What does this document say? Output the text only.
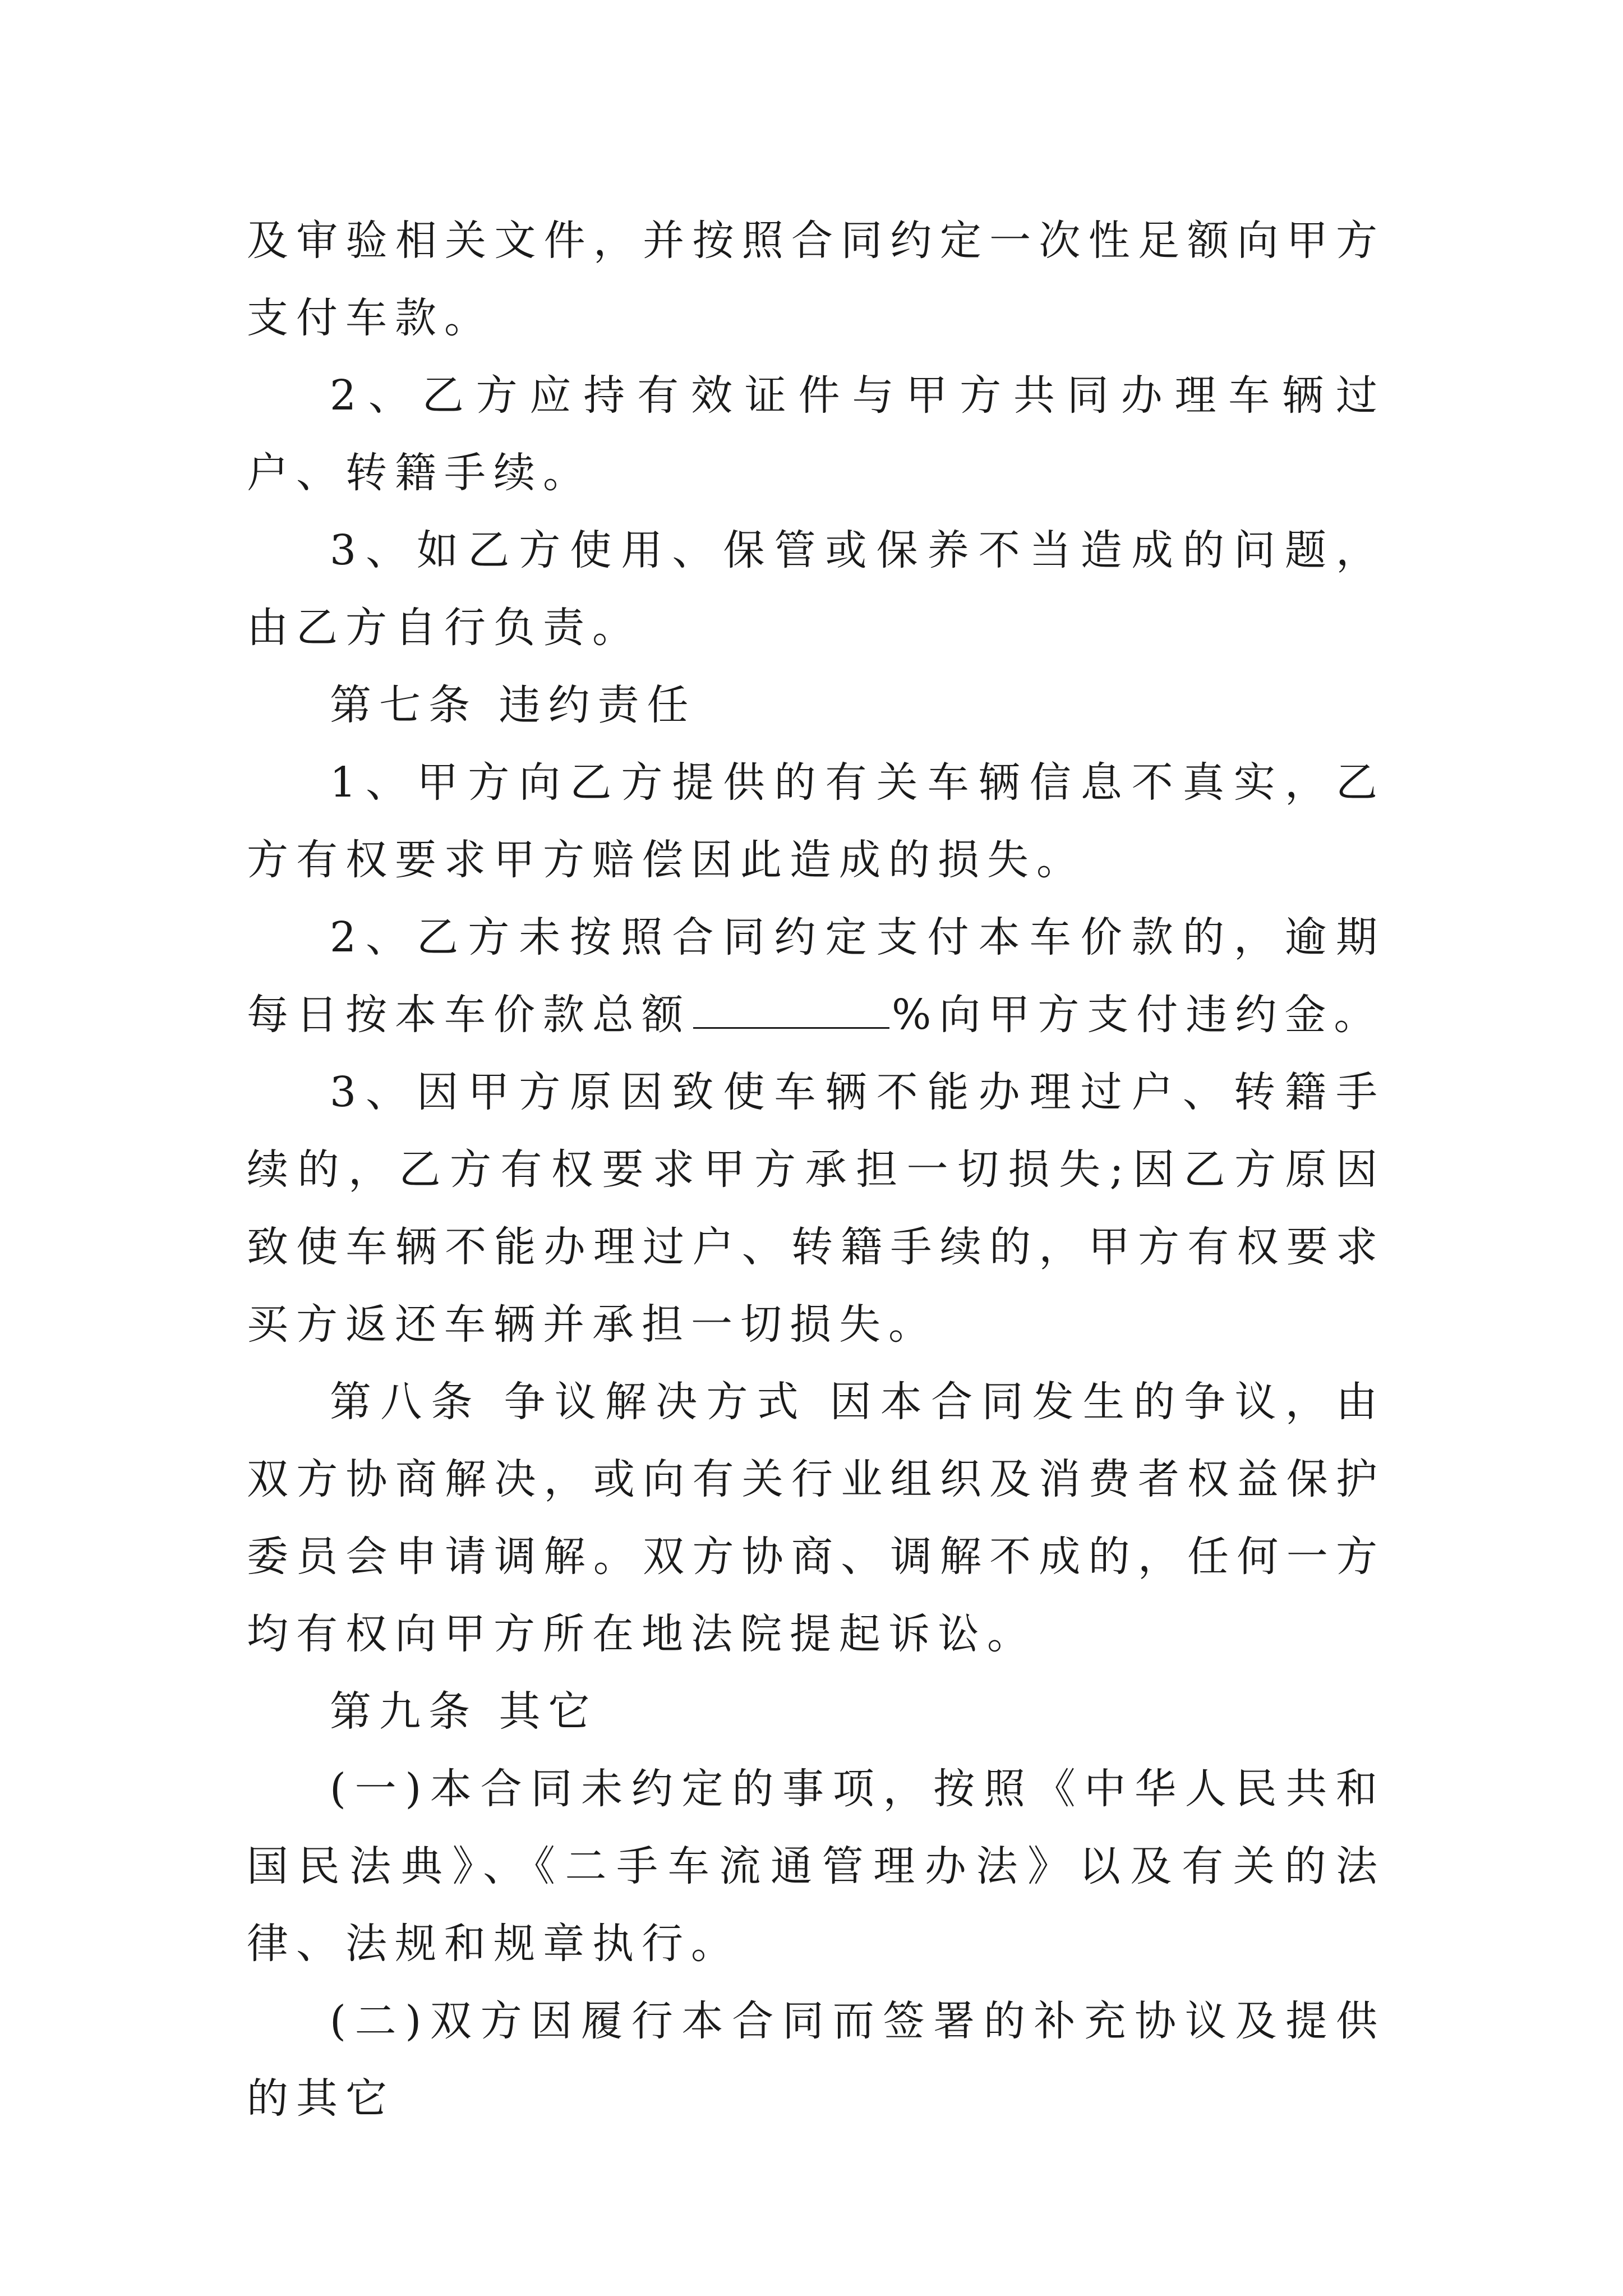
及审验相关文件，并按照合同约定一次性足额向甲方支付车款。

2、乙方应持有效证件与甲方共同办理车辆过户、转籍手续。

3、如乙方使用、保管或保养不当造成的问题，由乙方自行负责。

第七条 违约责任

1、甲方向乙方提供的有关车辆信息不真实，乙方有权要求甲方赔偿因此造成的损失。

2、乙方未按照合同约定支付本车价款的，逾期每日按本车价款总额	%向甲方支付违约金。

3、因甲方原因致使车辆不能办理过户、转籍手续的，乙方有权要求甲方承担一切损失;因乙方原因致使车辆不能办理过户、转籍手续的，甲方有权要求买方返还车辆并承担一切损失。

第八条 争议解决方式 因本合同发生的争议，由双方协商解决，或向有关行业组织及消费者权益保护委员会申请调解。双方协商、调解不成的，任何一方均有权向甲方所在地法院提起诉讼。

第九条 其它

(一)本合同未约定的事项，按照《中华人民共和国民法典》、《二手车流通管理办法》以及有关的法律、法规和规章执行。

(二)双方因履行本合同而签署的补充协议及提供的其它
